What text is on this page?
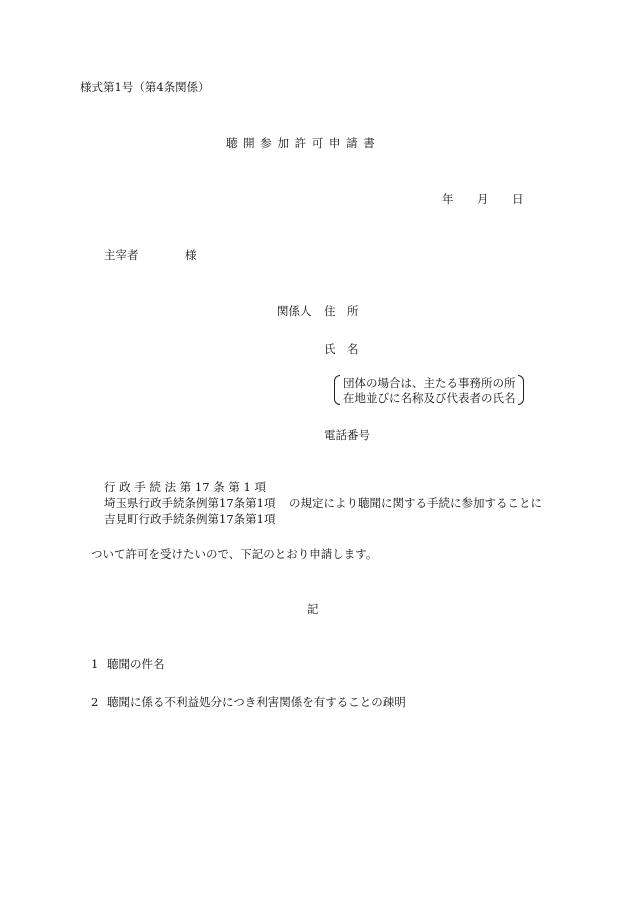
様式第1号（第4条関係）
聴 開 参 加 許 可 申 請 書
年 月 日
主宰者	様
関係人 住　所
氏　名
団体の場合は、主たる事務所の所
在地並びに名称及び代表者の氏名
電話番号
行 政 手 続 法 第 17 条 第 1 項
埼玉県行政手続条例第17条第1項 の規定により聴聞に関する手続に参加することに
吉見町行政手続条例第17条第1項
ついて許可を受けたいので、下記のとおり申請します。
記
1 聴聞の件名
2 聴聞に係る不利益処分につき利害関係を有することの疎明
